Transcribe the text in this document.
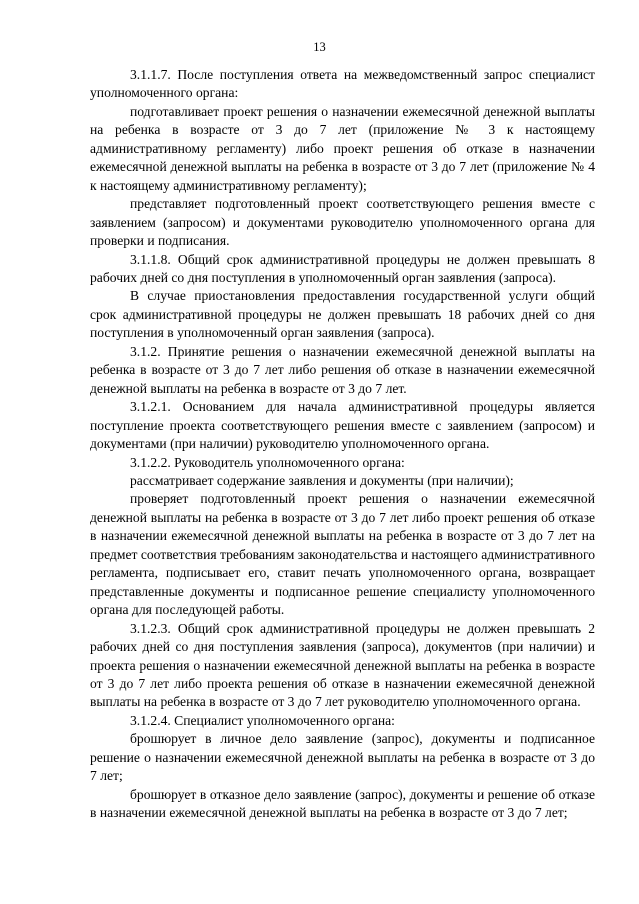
13

3.1.1.7. После поступления ответа на межведомственный запрос специалист уполномоченного органа:

подготавливает проект решения о назначении ежемесячной денежной выплаты на ребенка в возрасте от 3 до 7 лет (приложение № 3 к настоящему административному регламенту) либо проект решения об отказе в назначении ежемесячной денежной выплаты на ребенка в возрасте от 3 до 7 лет (приложение № 4 к настоящему административному регламенту);

представляет подготовленный проект соответствующего решения вместе с заявлением (запросом) и документами руководителю уполномоченного органа для проверки и подписания.

3.1.1.8. Общий срок административной процедуры не должен превышать 8 рабочих дней со дня поступления в уполномоченный орган заявления (запроса).

В случае приостановления предоставления государственной услуги общий срок административной процедуры не должен превышать 18 рабочих дней со дня поступления в уполномоченный орган заявления (запроса).

3.1.2. Принятие решения о назначении ежемесячной денежной выплаты на ребенка в возрасте от 3 до 7 лет либо решения об отказе в назначении ежемесячной денежной выплаты на ребенка в возрасте от 3 до 7 лет.

3.1.2.1. Основанием для начала административной процедуры является поступление проекта соответствующего решения вместе с заявлением (запросом) и документами (при наличии) руководителю уполномоченного органа.

3.1.2.2. Руководитель уполномоченного органа:

рассматривает содержание заявления и документы (при наличии);

проверяет подготовленный проект решения о назначении ежемесячной денежной выплаты на ребенка в возрасте от 3 до 7 лет либо проект решения об отказе в назначении ежемесячной денежной выплаты на ребенка в возрасте от 3 до 7 лет на предмет соответствия требованиям законодательства и настоящего административного регламента, подписывает его, ставит печать уполномоченного органа, возвращает представленные документы и подписанное решение специалисту уполномоченного органа для последующей работы.

3.1.2.3. Общий срок административной процедуры не должен превышать 2 рабочих дней со дня поступления заявления (запроса), документов (при наличии) и проекта решения о назначении ежемесячной денежной выплаты на ребенка в возрасте от 3 до 7 лет либо проекта решения об отказе в назначении ежемесячной денежной выплаты на ребенка в возрасте от 3 до 7 лет руководителю уполномоченного органа.

3.1.2.4. Специалист уполномоченного органа:

брошюрует в личное дело заявление (запрос), документы и подписанное решение о назначении ежемесячной денежной выплаты на ребенка в возрасте от 3 до 7 лет;

брошюрует в отказное дело заявление (запрос), документы и решение об отказе в назначении ежемесячной денежной выплаты на ребенка в возрасте от 3 до 7 лет;
